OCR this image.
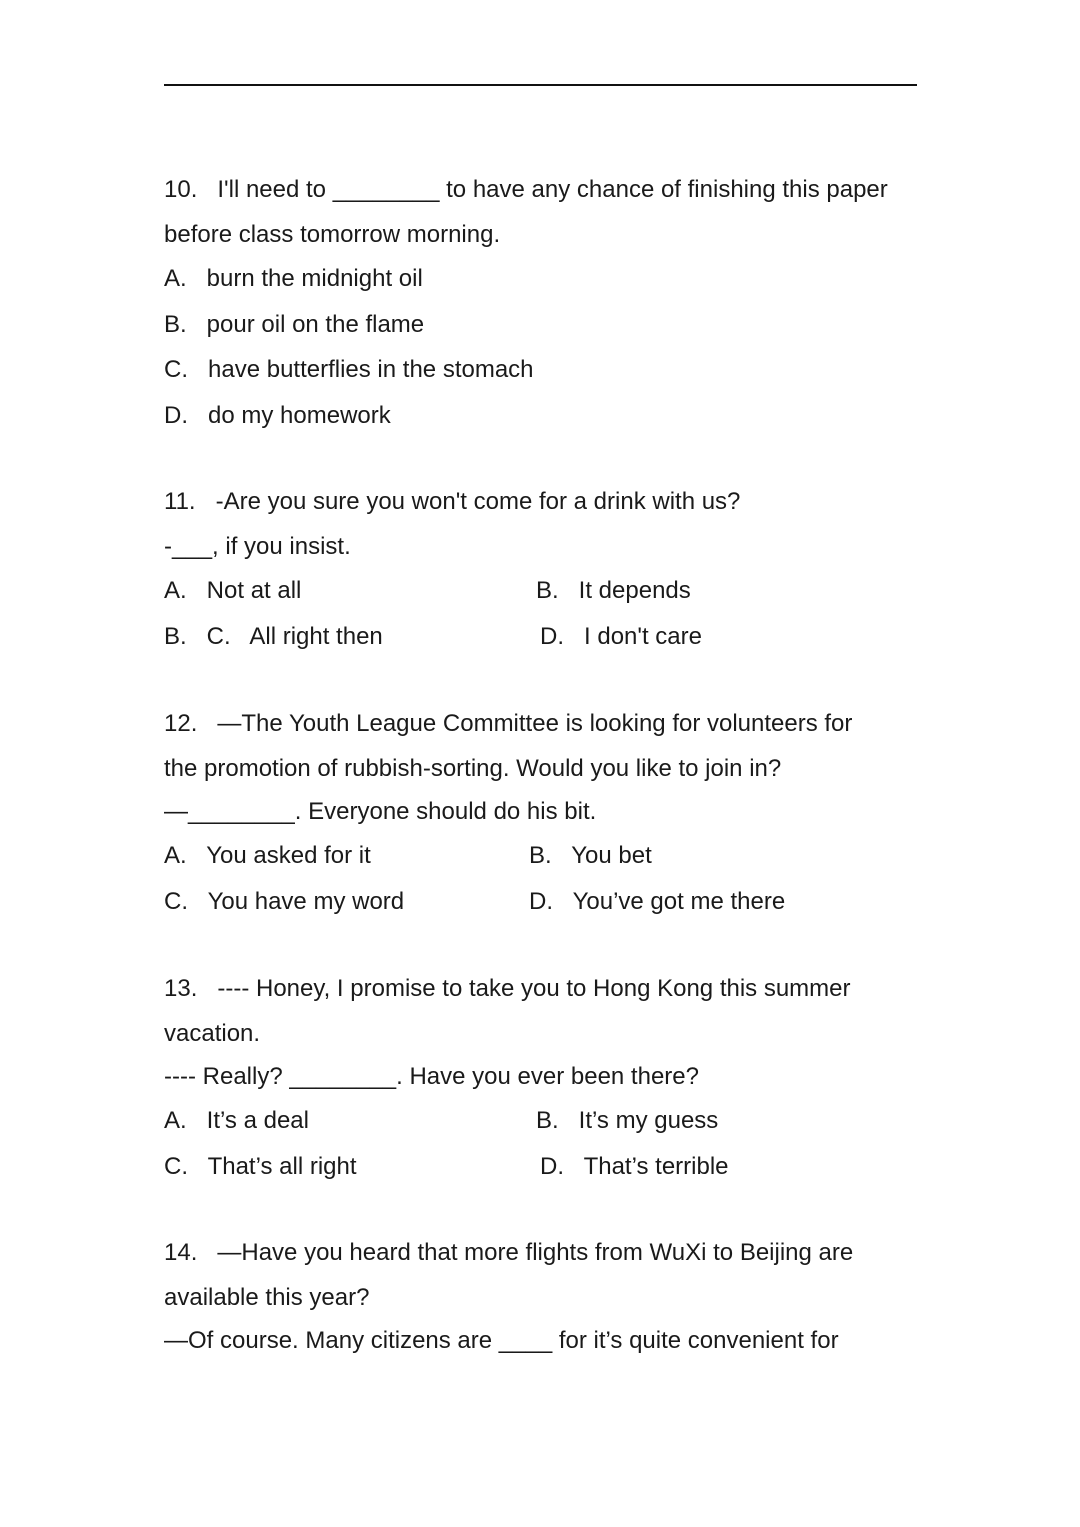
10.   I'll need to ________ to have any chance of finishing this paper
before class tomorrow morning.
A.   burn the midnight oil
B.   pour oil on the flame
C.   have butterflies in the stomach
D.   do my homework
11.   -Are you sure you won't come for a drink with us?
-___, if you insist.
A.   Not at all	B.   It depends
B.   C.   All right then	D.   I don't care
12.   —The Youth League Committee is looking for volunteers for
the promotion of rubbish-sorting. Would you like to join in?
—________. Everyone should do his bit.
A.   You asked for it	B.   You bet
C.   You have my word	D.   You’ve got me there
13.   ---- Honey, I promise to take you to Hong Kong this summer
vacation.
---- Really? ________. Have you ever been there?
A.   It’s a deal	B.   It’s my guess
C.   That’s all right	D.   That’s terrible
14.   —Have you heard that more flights from WuXi to Beijing are
available this year?
—Of course. Many citizens are ____ for it’s quite convenient for
